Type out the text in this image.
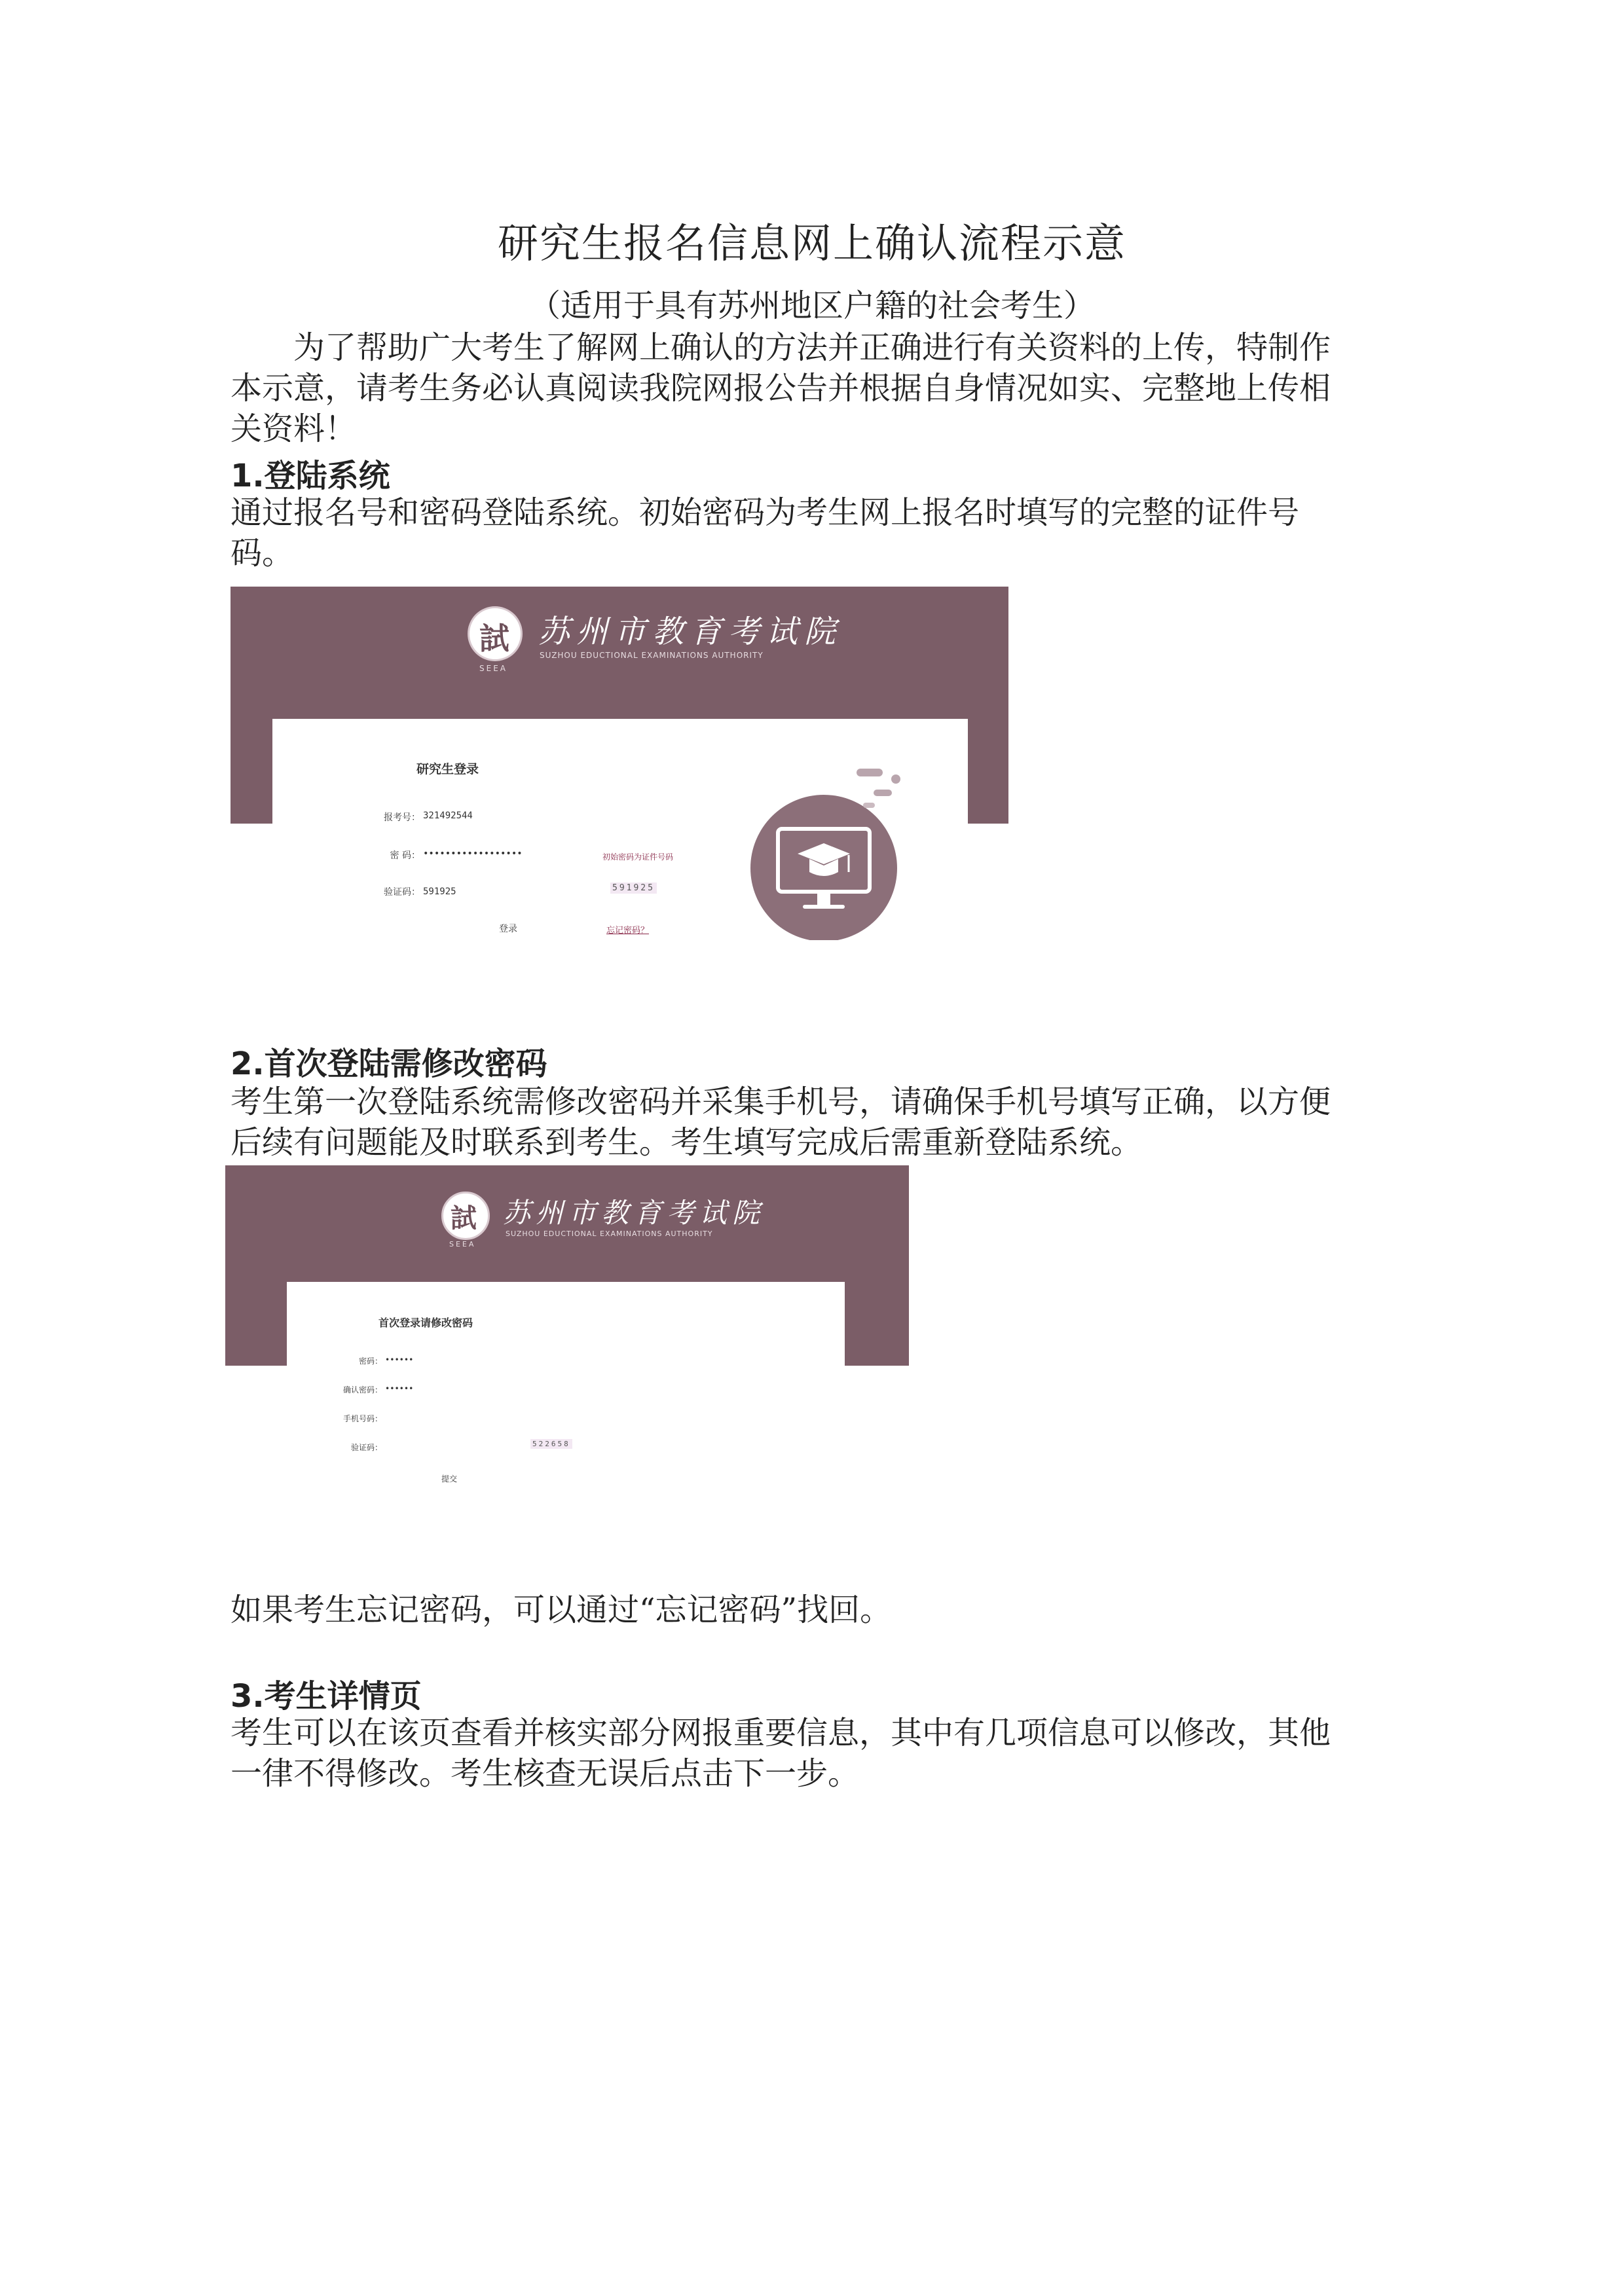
研究生报名信息网上确认流程示意
（适用于具有苏州地区户籍的社会考生）
为了帮助广大考生了解网上确认的方法并正确进行有关资料的上传，特制作本示意，请考生务必认真阅读我院网报公告并根据自身情况如实、完整地上传相关资料！
1.登陆系统
通过报名号和密码登陆系统。初始密码为考生网上报名时填写的完整的证件号码。
試 苏州市教育考试院
SUZHOU EDUCTIONAL EXAMINATIONS AUTHORITY
SEEA
研究生登录
报考号： 321492544
密 码： ••••••••••••••••••	初始密码为证件号码
验证码： 591925	591925
登录	忘记密码？
2.首次登陆需修改密码
考生第一次登陆系统需修改密码并采集手机号，请确保手机号填写正确，以方便后续有问题能及时联系到考生。考生填写完成后需重新登陆系统。
試 苏州市教育考试院
SUZHOU EDUCTIONAL EXAMINATIONS AUTHORITY
SEEA
首次登录请修改密码
密码： ••••••
确认密码： ••••••
手机号码：
验证码：	522658
提交
如果考生忘记密码，可以通过“忘记密码”找回。
3.考生详情页
考生可以在该页查看并核实部分网报重要信息，其中有几项信息可以修改，其他一律不得修改。考生核查无误后点击下一步。
